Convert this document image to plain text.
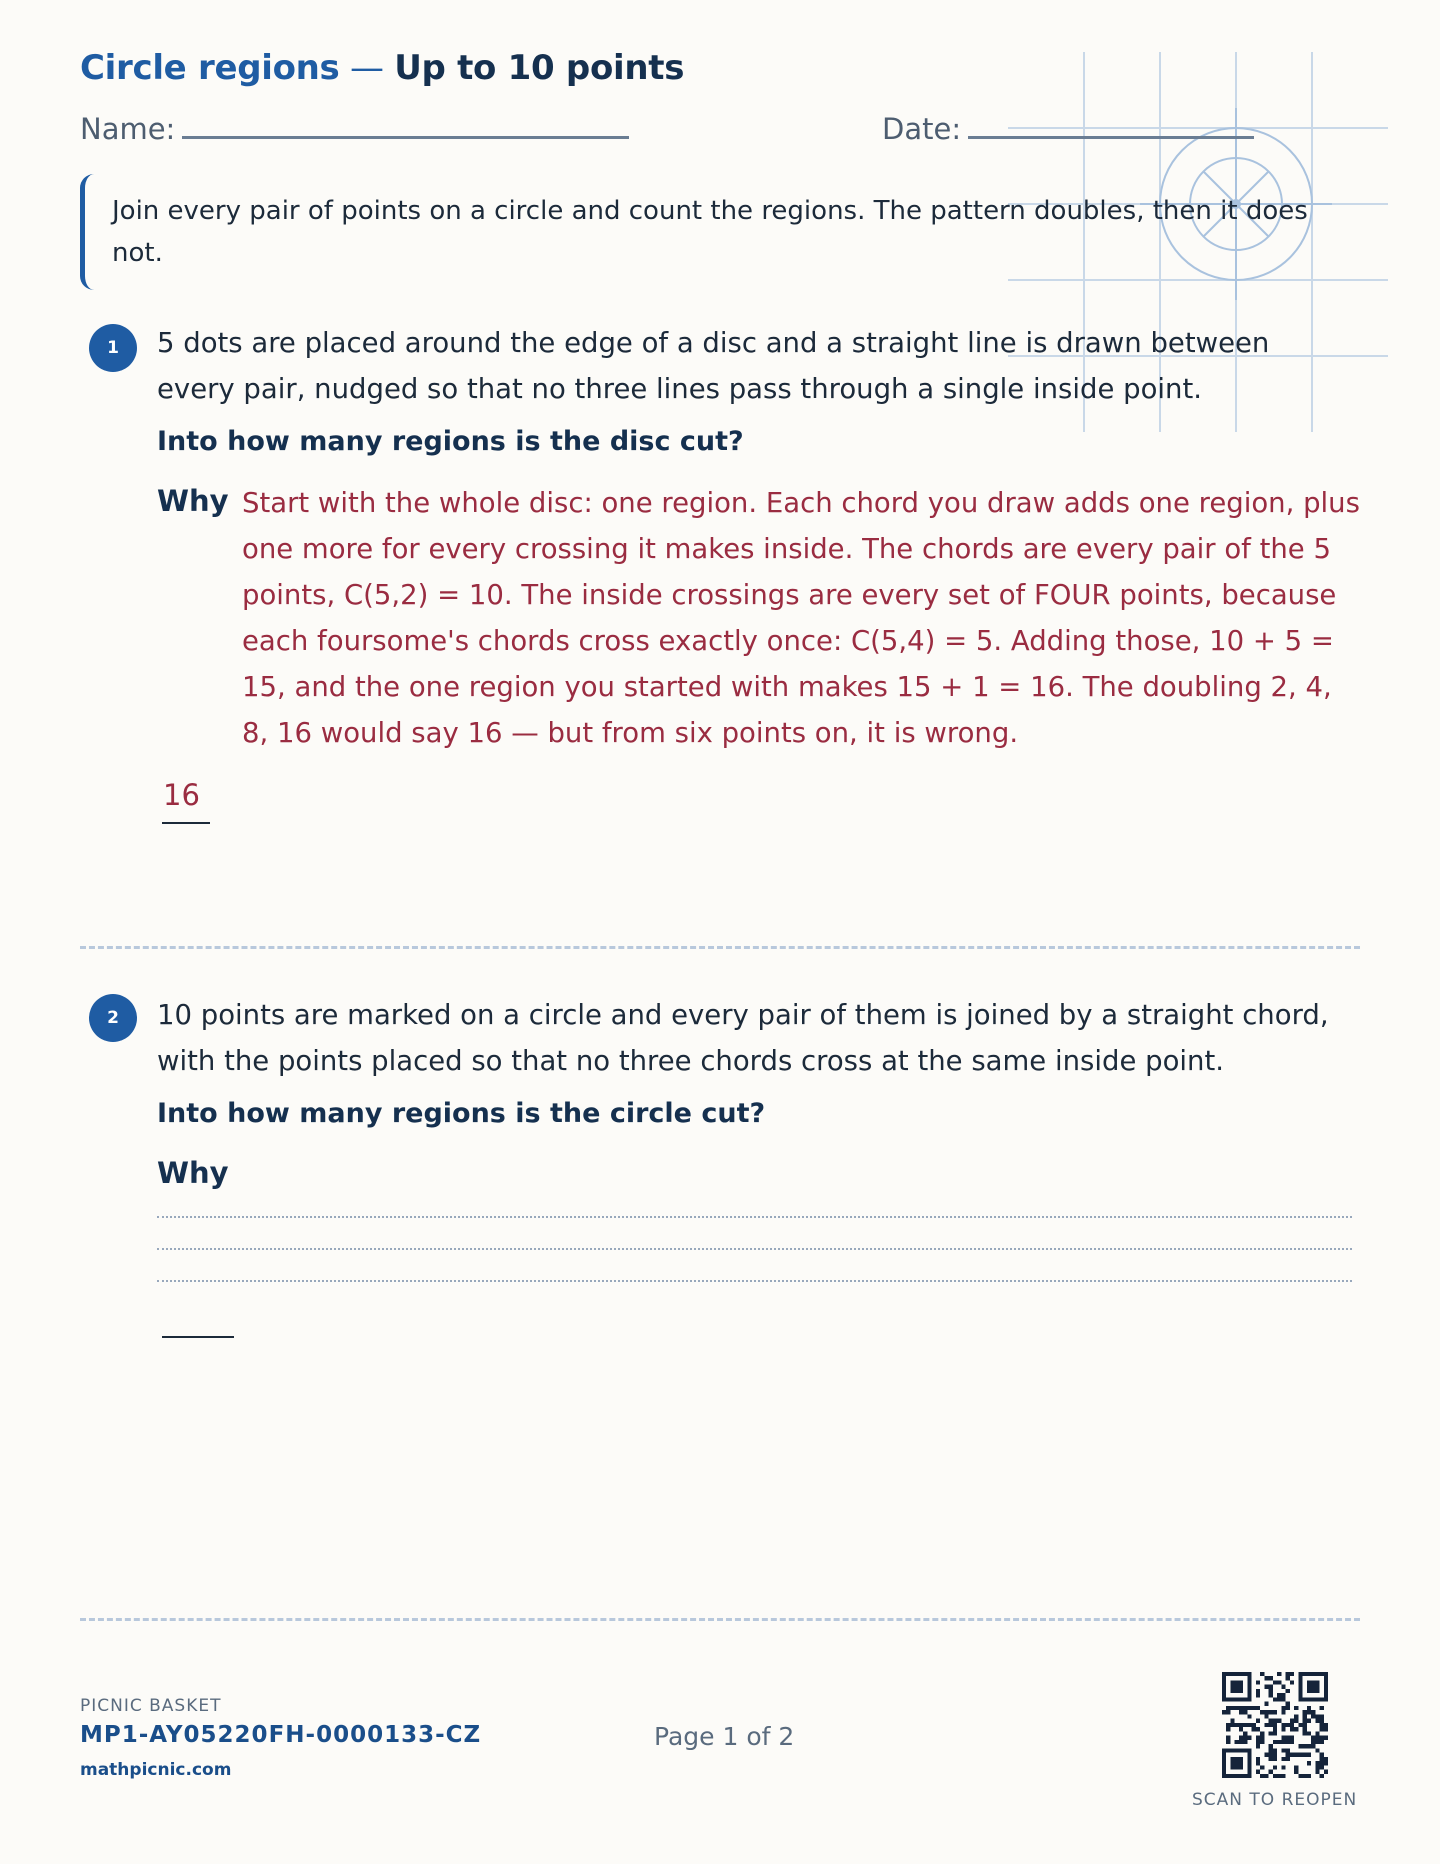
Circle regions — Up to 10 points
Name:	Date:
Join every pair of points on a circle and count the regions. The pattern doubles, then it does not.
1	5 dots are placed around the edge of a disc and a straight line is drawn between every pair, nudged so that no three lines pass through a single inside point.
Into how many regions is the disc cut?
Why Start with the whole disc: one region. Each chord you draw adds one region, plus one more for every crossing it makes inside. The chords are every pair of the 5 points, C(5,2) = 10. The inside crossings are every set of FOUR points, because each foursome's chords cross exactly once: C(5,4) = 5. Adding those, 10 + 5 = 15, and the one region you started with makes 15 + 1 = 16. The doubling 2, 4, 8, 16 would say 16 — but from six points on, it is wrong.
16
2	10 points are marked on a circle and every pair of them is joined by a straight chord, with the points placed so that no three chords cross at the same inside point.
Into how many regions is the circle cut?
Why
PICNIC BASKET
MP1-AY05220FH-0000133-CZ
mathpicnic.com
Page 1 of 2
SCAN TO REOPEN
